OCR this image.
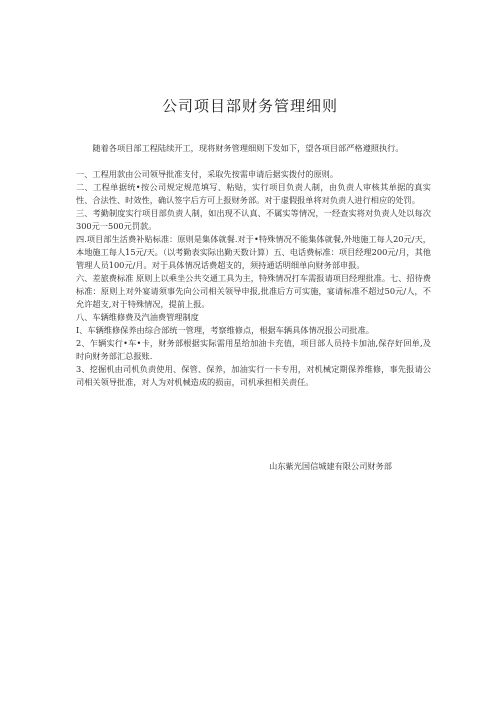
公司项目部财务管理细则

随着各项目部工程陆续开工，现将财务管理细则下发如下，望各项目部严格遵照执行。

一、工程用款由公司领导批准支付，采取先按需申请后据实拨付的原则。

二、工程单据统•按公司规定规范填写、粘贴，实行项目负责人制，由负责人审核其单据的真实性、合法性、时效性，确认签字后方可上报财务部。对于虚假报单将对负责人进行相应的处罚。

三、考勤制度实行项目部负责人制，如出现不认真、不属实等情况，一经查实将对负责人处以每次300元一500元罚款。

四.项目部生活费补贴标准：原则是集体就餐.对于•特殊情况不能集体就餐,外地施工每人20元/天，本地施工每人15元/天。（以考勤表实际出勤天数计算）五、电话费标准：项目经理200元/月，其他管理人员100元/月。对于具体情况话费超支的，须持通话明细单向财务部申报。

六、差旅费标准 原则上以乘坐公共交通工具为主，特殊情况打车需报请项目经理批准。七、招待费标准：原则上对外宴请须事先向公司相关领导申报,批准后方可实施，宴请标准不超过50元/人，不允许超支,对于特殊情况，提前上报。

八、车辆维修费及汽油费管理制度

I、车辆维修保养由综合部统一管理，考察维修点，根据车辆具体情况报公司批准。

2、乍辆实行•车•卡，财务部根据实际需用星给加油卡充值，项目部人员持卡加油,保存好回单,及时向财务部汇总报账.

3、挖掘机由司机负责使用、保管、保养，加油实行一卡专用，对机械定期保养维修，事先报请公司相关领导批准，对人为对机械造成的损亩，司机承担相关责任。

山东紫光国信城建有限公司财务部
